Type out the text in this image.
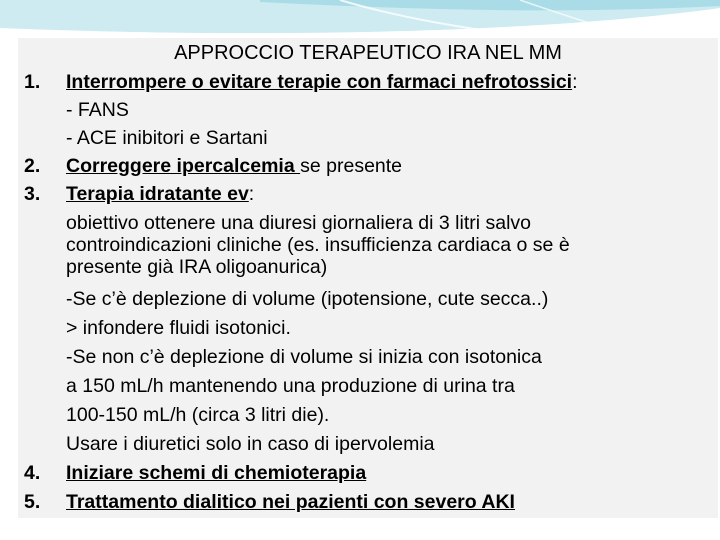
APPROCCIO TERAPEUTICO IRA NEL MM
1. Interrompere o evitare terapie con farmaci nefrotossici:
- FANS
- ACE inibitori e Sartani
2. Correggere ipercalcemia se presente
3. Terapia idratante ev:
obiettivo ottenere una diuresi giornaliera di 3 litri salvo
controindicazioni cliniche (es. insufficienza cardiaca o se è
presente già IRA oligoanurica)
-Se c’è deplezione di volume (ipotensione, cute secca..)
> infondere fluidi isotonici.
-Se non c’è deplezione di volume si inizia con isotonica
a 150 mL/h mantenendo una produzione di urina tra
100-150 mL/h (circa 3 litri die).
Usare i diuretici solo in caso di ipervolemia
4. Iniziare schemi di chemioterapia
5. Trattamento dialitico nei pazienti con severo AKI
